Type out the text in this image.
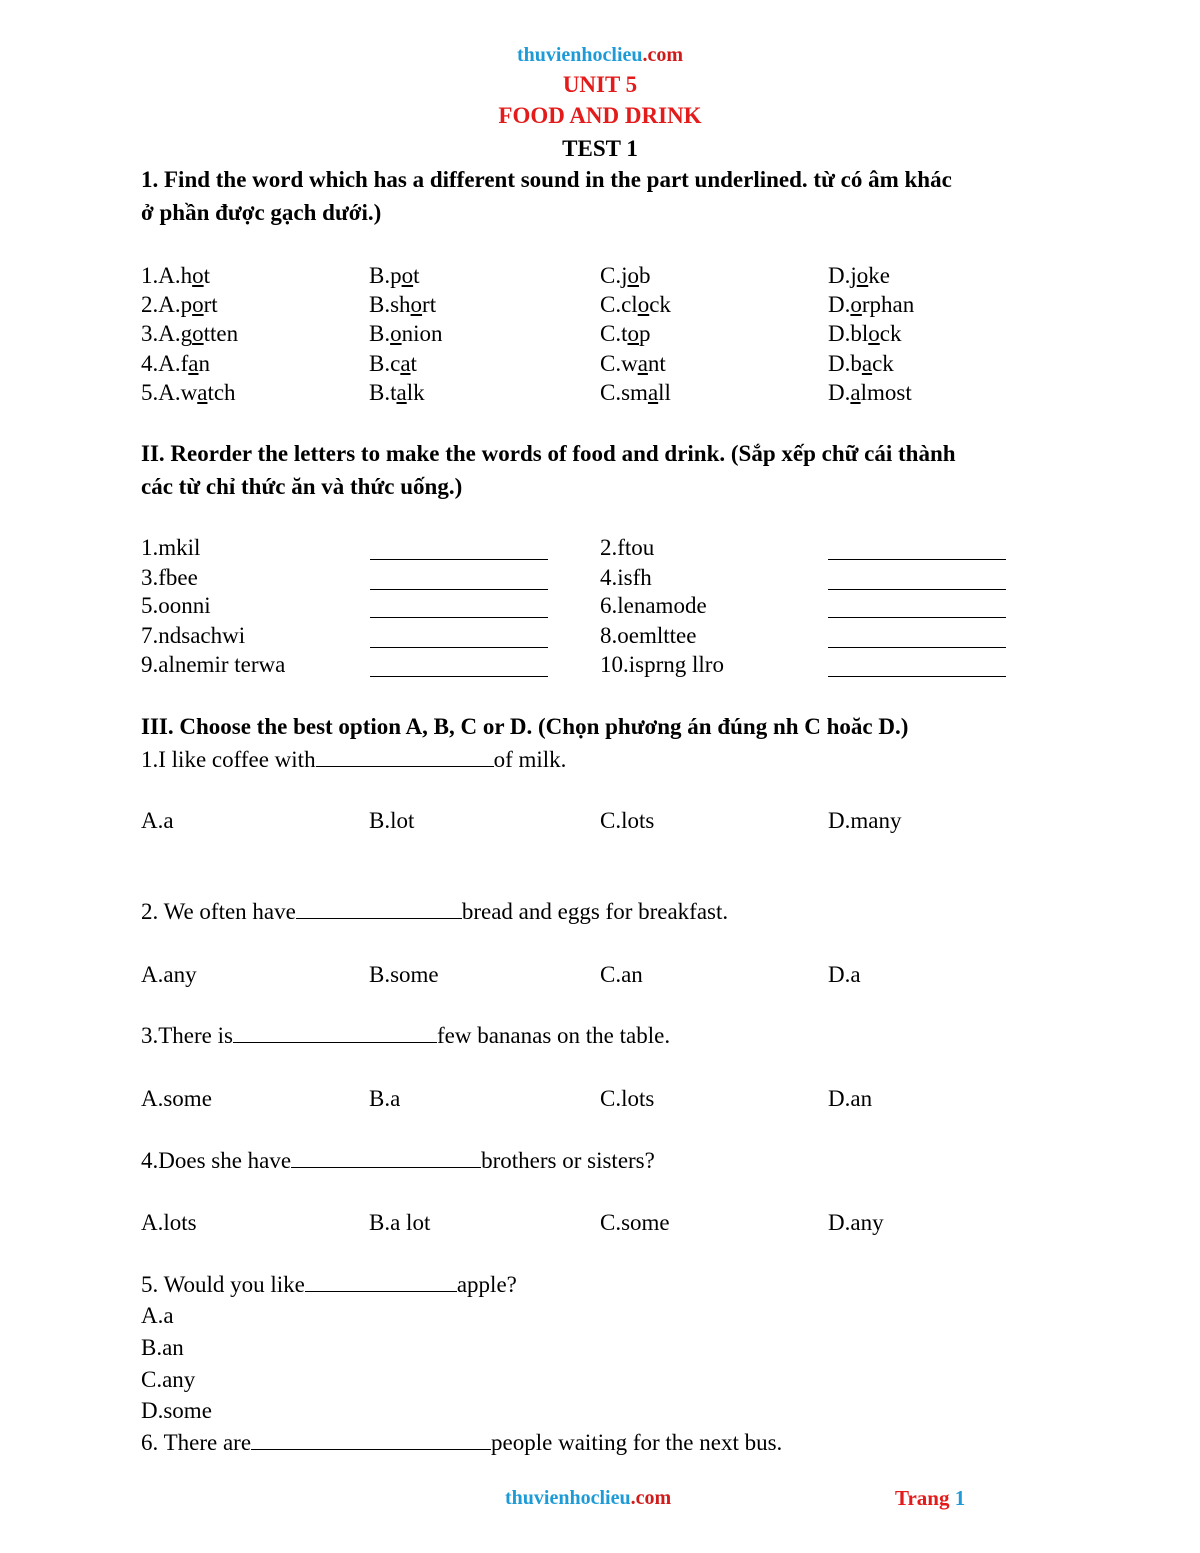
thuvienhoclieu.com
UNIT 5
FOOD AND DRINK
TEST 1
1. Find the word which has a different sound in the part underlined. từ có âm khác
ở phần được gạch dưới.)
1.A.hot	B.pot	C.job	D.joke
2.A.port	B.short	C.clock	D.orphan
3.A.gotten	B.onion	C.top	D.block
4.A.fan	B.cat	C.want	D.back
5.A.watch	B.talk	C.small	D.almost
II. Reorder the letters to make the words of food and drink. (Sắp xếp chữ cái thành
các từ chỉ thức ăn và thức uống.)
1.mkil	2.ftou
3.fbee	4.isfh
5.oonni	6.lenamode
7.ndsachwi	8.oemlttee
9.alnemir terwa	10.isprng llro
III. Choose the best option A, B, C or D. (Chọn phương án đúng nh C hoăc D.)
1.I like coffee with	of milk.
A.a	B.lot	C.lots	D.many
2. We often have	bread and eggs for breakfast.
A.any	B.some	C.an	D.a
3.There is	few bananas on the table.
A.some	B.a	C.lots	D.an
4.Does she have	brothers or sisters?
A.lots	B.a lot	C.some	D.any
5. Would you like	apple?
A.a
B.an
C.any
D.some
6. There are	people waiting for the next bus.
thuvienhoclieu.com	Trang 1
